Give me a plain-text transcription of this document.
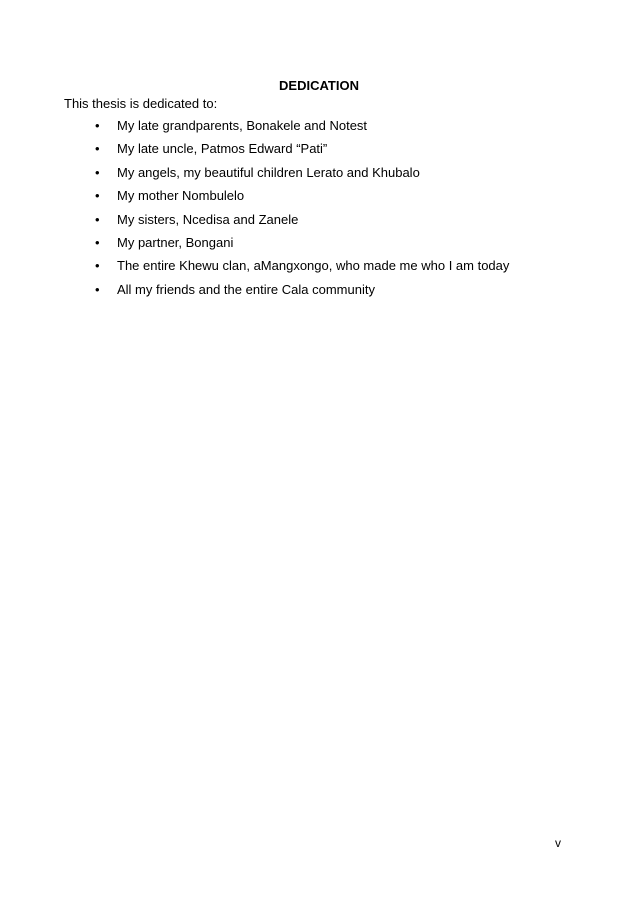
DEDICATION
This thesis is dedicated to:
• My late grandparents, Bonakele and Notest
• My late uncle, Patmos Edward “Pati”
• My angels, my beautiful children Lerato and Khubalo
• My mother Nombulelo
• My sisters, Ncedisa and Zanele
• My partner, Bongani
• The entire Khewu clan, aMangxongo, who made me who I am today
• All my friends and the entire Cala community
v
